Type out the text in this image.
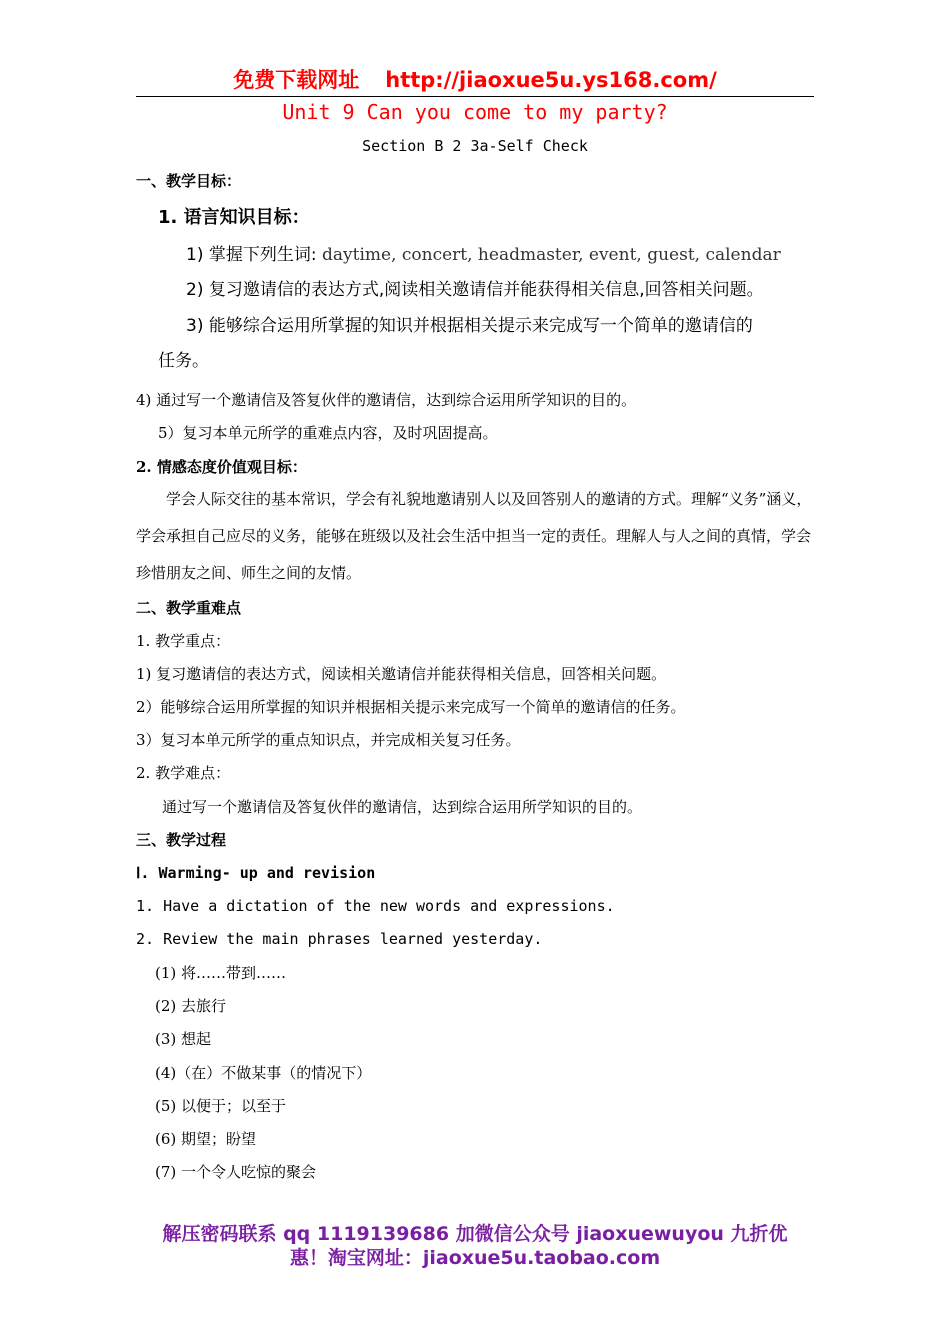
免费下载网址 http://jiaoxue5u.ys168.com/
Unit 9 Can you come to my party?
Section B 2 3a-Self Check
一、教学目标：
1. 语言知识目标：
1) 掌握下列生词: daytime, concert, headmaster, event, guest, calendar
2) 复习邀请信的表达方式,阅读相关邀请信并能获得相关信息,回答相关问题。
3) 能够综合运用所掌握的知识并根据相关提示来完成写一个简单的邀请信的
任务。
4) 通过写一个邀请信及答复伙伴的邀请信，达到综合运用所学知识的目的。
5）复习本单元所学的重难点内容，及时巩固提高。
2. 情感态度价值观目标：
学会人际交往的基本常识，学会有礼貌地邀请别人以及回答别人的邀请的方式。理解“义务”涵义，学会承担自己应尽的义务，能够在班级以及社会生活中担当一定的责任。理解人与人之间的真情，学会珍惜朋友之间、师生之间的友情。
二、教学重难点
1. 教学重点：
1) 复习邀请信的表达方式，阅读相关邀请信并能获得相关信息，回答相关问题。
2）能够综合运用所掌握的知识并根据相关提示来完成写一个简单的邀请信的任务。
3）复习本单元所学的重点知识点，并完成相关复习任务。
2. 教学难点：
通过写一个邀请信及答复伙伴的邀请信，达到综合运用所学知识的目的。
三、教学过程
Ⅰ. Warming- up and revision
1. Have a dictation of the new words and expressions.
2. Review the main phrases learned yesterday.
(1) 将……带到……
(2) 去旅行
(3) 想起
(4)（在）不做某事（的情况下）
(5) 以便于；以至于
(6) 期望；盼望
(7) 一个令人吃惊的聚会
解压密码联系 qq 1119139686 加微信公众号 jiaoxuewuyou 九折优
惠！淘宝网址：jiaoxue5u.taobao.com
